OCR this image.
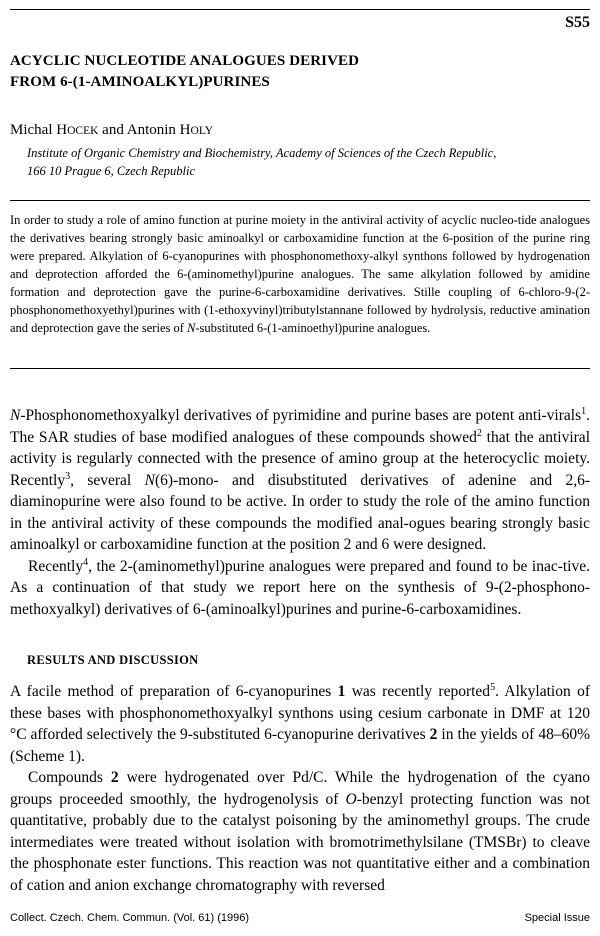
S55
ACYCLIC NUCLEOTIDE ANALOGUES DERIVED
FROM 6-(1-AMINOALKYL)PURINES
Michal HOCEK and Antonin HOLY
Institute of Organic Chemistry and Biochemistry, Academy of Sciences of the Czech Republic,
166 10 Prague 6, Czech Republic
In order to study a role of amino function at purine moiety in the antiviral activity of acyclic nucleo-tide analogues the derivatives bearing strongly basic aminoalkyl or carboxamidine function at the 6-position of the purine ring were prepared. Alkylation of 6-cyanopurines with phosphonomethoxy-alkyl synthons followed by hydrogenation and deprotection afforded the 6-(aminomethyl)purine analogues. The same alkylation followed by amidine formation and deprotection gave the purine-6-carboxamidine derivatives. Stille coupling of 6-chloro-9-(2-phosphonomethoxyethyl)purines with (1-ethoxyvinyl)tributylstannane followed by hydrolysis, reductive amination and deprotection gave the series of N-substituted 6-(1-aminoethyl)purine analogues.

N-Phosphonomethoxyalkyl derivatives of pyrimidine and purine bases are potent anti-virals$^1$. The SAR studies of base modified analogues of these compounds showed$^2$ that the antiviral activity is regularly connected with the presence of amino group at the heterocyclic moiety. Recently$^3$, several N(6)-mono- and disubstituted derivatives of adenine and 2,6-diaminopurine were also found to be active. In order to study the role of the amino function in the antiviral activity of these compounds the modified anal-ogues bearing strongly basic aminoalkyl or carboxamidine function at the position 2 and 6 were designed.

Recently$^4$, the 2-(aminomethyl)purine analogues were prepared and found to be inac-tive. As a continuation of that study we report here on the synthesis of 9-(2-phosphono-methoxyalkyl) derivatives of 6-(aminoalkyl)purines and purine-6-carboxamidines.

RESULTS AND DISCUSSION

A facile method of preparation of 6-cyanopurines 1 was recently reported$^5$. Alkylation of these bases with phosphonomethoxyalkyl synthons using cesium carbonate in DMF at 120 °C afforded selectively the 9-substituted 6-cyanopurine derivatives 2 in the yields of 48–60% (Scheme 1).

Compounds 2 were hydrogenated over Pd/C. While the hydrogenation of the cyano groups proceeded smoothly, the hydrogenolysis of O-benzyl protecting function was not quantitative, probably due to the catalyst poisoning by the aminomethyl groups. The crude intermediates were treated without isolation with bromotrimethylsilane (TMSBr) to cleave the phosphonate ester functions. This reaction was not quantitative either and a combination of cation and anion exchange chromatography with reversed

Collect. Czech. Chem. Commun. (Vol. 61) (1996)	Special Issue
